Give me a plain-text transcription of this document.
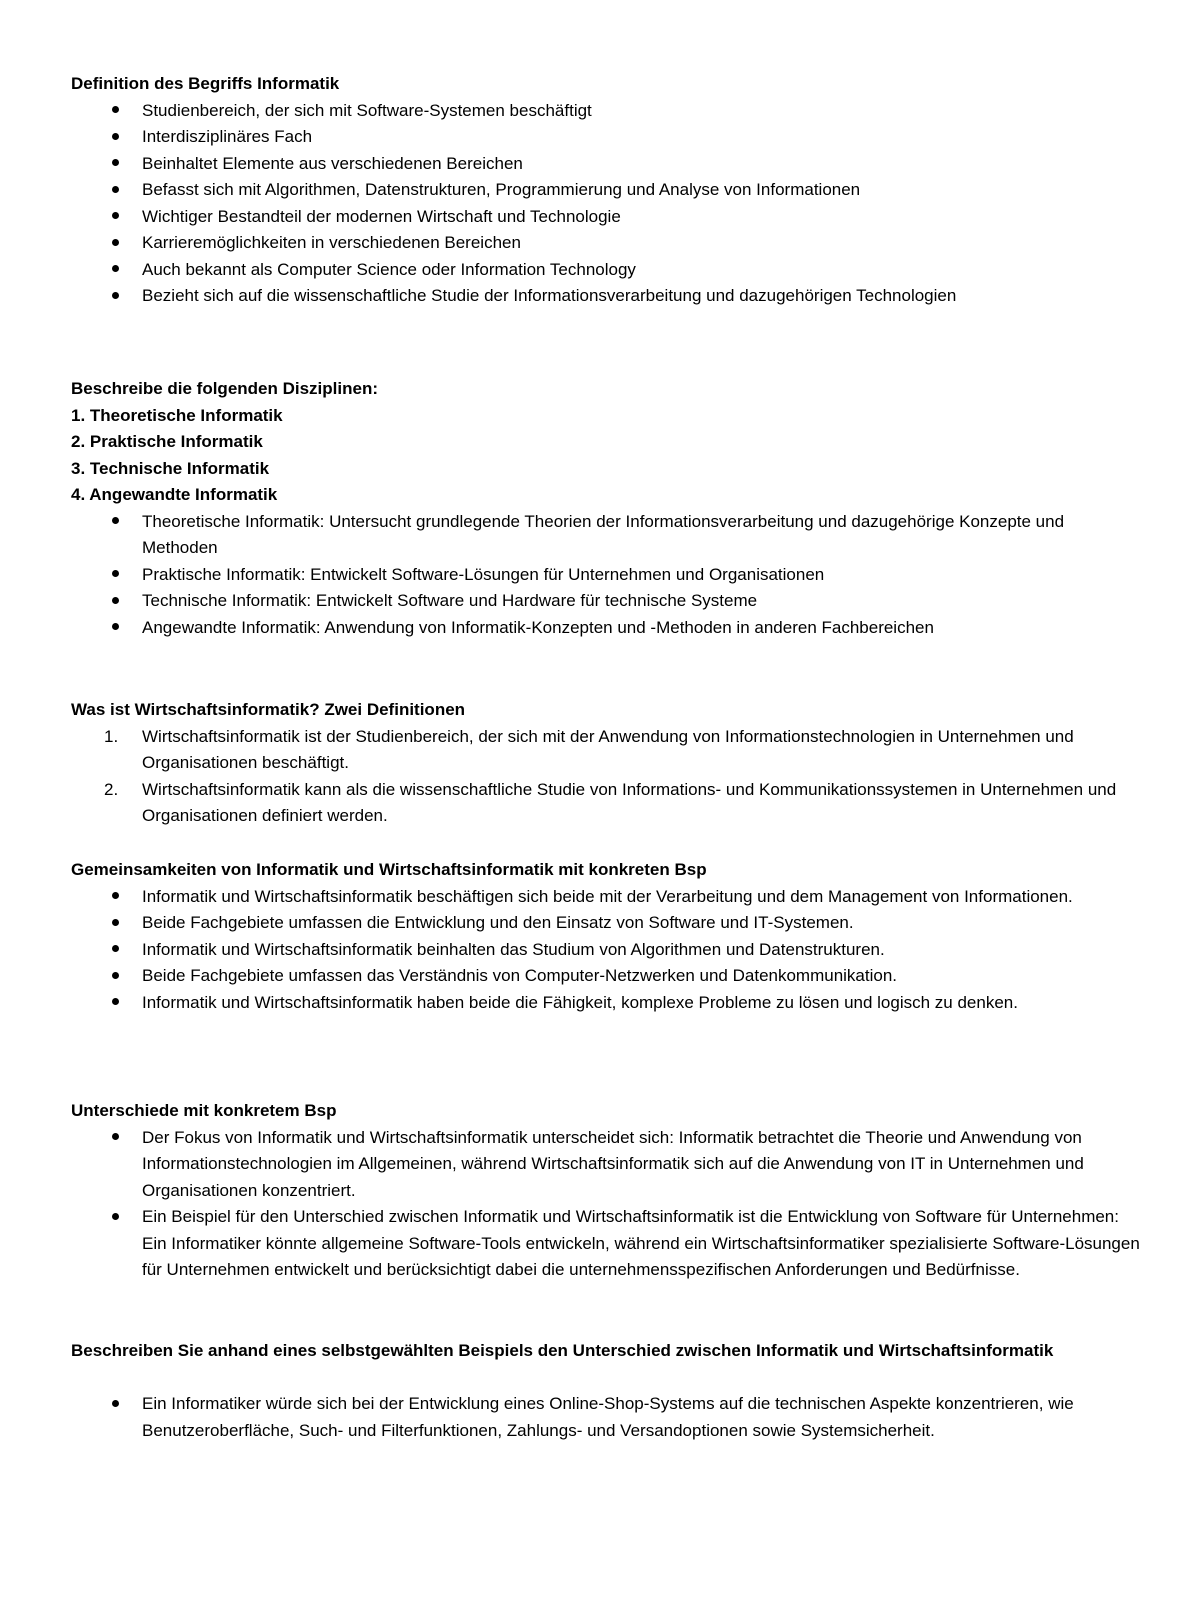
Definition des Begriffs Informatik
Studienbereich, der sich mit Software-Systemen beschäftigt
Interdisziplinäres Fach
Beinhaltet Elemente aus verschiedenen Bereichen
Befasst sich mit Algorithmen, Datenstrukturen, Programmierung und Analyse von Informationen
Wichtiger Bestandteil der modernen Wirtschaft und Technologie
Karrieremöglichkeiten in verschiedenen Bereichen
Auch bekannt als Computer Science oder Information Technology
Bezieht sich auf die wissenschaftliche Studie der Informationsverarbeitung und dazugehörigen Technologien
Beschreibe die folgenden Disziplinen:
1. Theoretische Informatik
2. Praktische Informatik
3. Technische Informatik
4. Angewandte Informatik
Theoretische Informatik: Untersucht grundlegende Theorien der Informationsverarbeitung und dazugehörige Konzepte und Methoden
Praktische Informatik: Entwickelt Software-Lösungen für Unternehmen und Organisationen
Technische Informatik: Entwickelt Software und Hardware für technische Systeme
Angewandte Informatik: Anwendung von Informatik-Konzepten und -Methoden in anderen Fachbereichen
Was ist Wirtschaftsinformatik? Zwei Definitionen
1. Wirtschaftsinformatik ist der Studienbereich, der sich mit der Anwendung von Informationstechnologien in Unternehmen und Organisationen beschäftigt.
2. Wirtschaftsinformatik kann als die wissenschaftliche Studie von Informations- und Kommunikationssystemen in Unternehmen und Organisationen definiert werden.
Gemeinsamkeiten von Informatik und Wirtschaftsinformatik mit konkreten Bsp
Informatik und Wirtschaftsinformatik beschäftigen sich beide mit der Verarbeitung und dem Management von Informationen.
Beide Fachgebiete umfassen die Entwicklung und den Einsatz von Software und IT-Systemen.
Informatik und Wirtschaftsinformatik beinhalten das Studium von Algorithmen und Datenstrukturen.
Beide Fachgebiete umfassen das Verständnis von Computer-Netzwerken und Datenkommunikation.
Informatik und Wirtschaftsinformatik haben beide die Fähigkeit, komplexe Probleme zu lösen und logisch zu denken.
Unterschiede mit konkretem Bsp
Der Fokus von Informatik und Wirtschaftsinformatik unterscheidet sich: Informatik betrachtet die Theorie und Anwendung von Informationstechnologien im Allgemeinen, während Wirtschaftsinformatik sich auf die Anwendung von IT in Unternehmen und Organisationen konzentriert.
Ein Beispiel für den Unterschied zwischen Informatik und Wirtschaftsinformatik ist die Entwicklung von Software für Unternehmen: Ein Informatiker könnte allgemeine Software-Tools entwickeln, während ein Wirtschaftsinformatiker spezialisierte Software-Lösungen für Unternehmen entwickelt und berücksichtigt dabei die unternehmensspezifischen Anforderungen und Bedürfnisse.
Beschreiben Sie anhand eines selbstgewählten Beispiels den Unterschied zwischen Informatik und Wirtschaftsinformatik
Ein Informatiker würde sich bei der Entwicklung eines Online-Shop-Systems auf die technischen Aspekte konzentrieren, wie Benutzeroberfläche, Such- und Filterfunktionen, Zahlungs- und Versandoptionen sowie Systemsicherheit.
